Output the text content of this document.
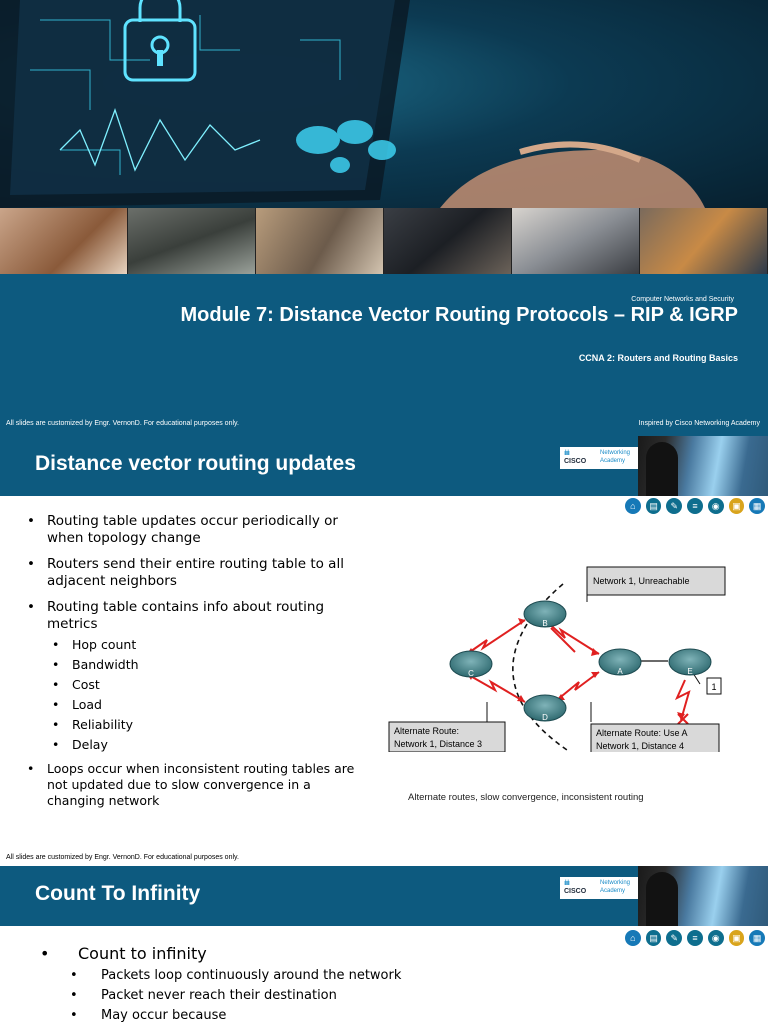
Computer Networks and Security
Module 7: Distance Vector Routing Protocols – RIP & IGRP
CCNA 2: Routers and Routing Basics
All slides are customized by Engr. VernonD. For educational purposes only.	Inspired by Cisco Networking Academy
Distance vector routing updates	ılıılı
CISCO
Networking
Academy
⌂	▤	✎	≡	◉	▣	▦
• Routing table updates occur periodically or when topology change
• Routers send their entire routing table to all adjacent neighbors
• Routing table contains info about routing metrics
• Hop count
• Bandwidth
• Cost
• Load
• Reliability
• Delay
• Loops occur when inconsistent routing tables are not updated due to slow convergence in a changing network
B
C	A	E
D
1
Network 1, Unreachable
Alternate Route:
Network 1, Distance 3
Alternate Route: Use A
Network 1, Distance 4
Alternate routes, slow convergence, inconsistent routing
All slides are customized by Engr. VernonD. For educational purposes only.
Count To Infinity	ılıılı
CISCO
Networking
Academy
⌂	▤	✎	≡	◉	▣	▦
• Count to infinity
• Packets loop continuously around the network
• Packet never reach their destination
• May occur because
